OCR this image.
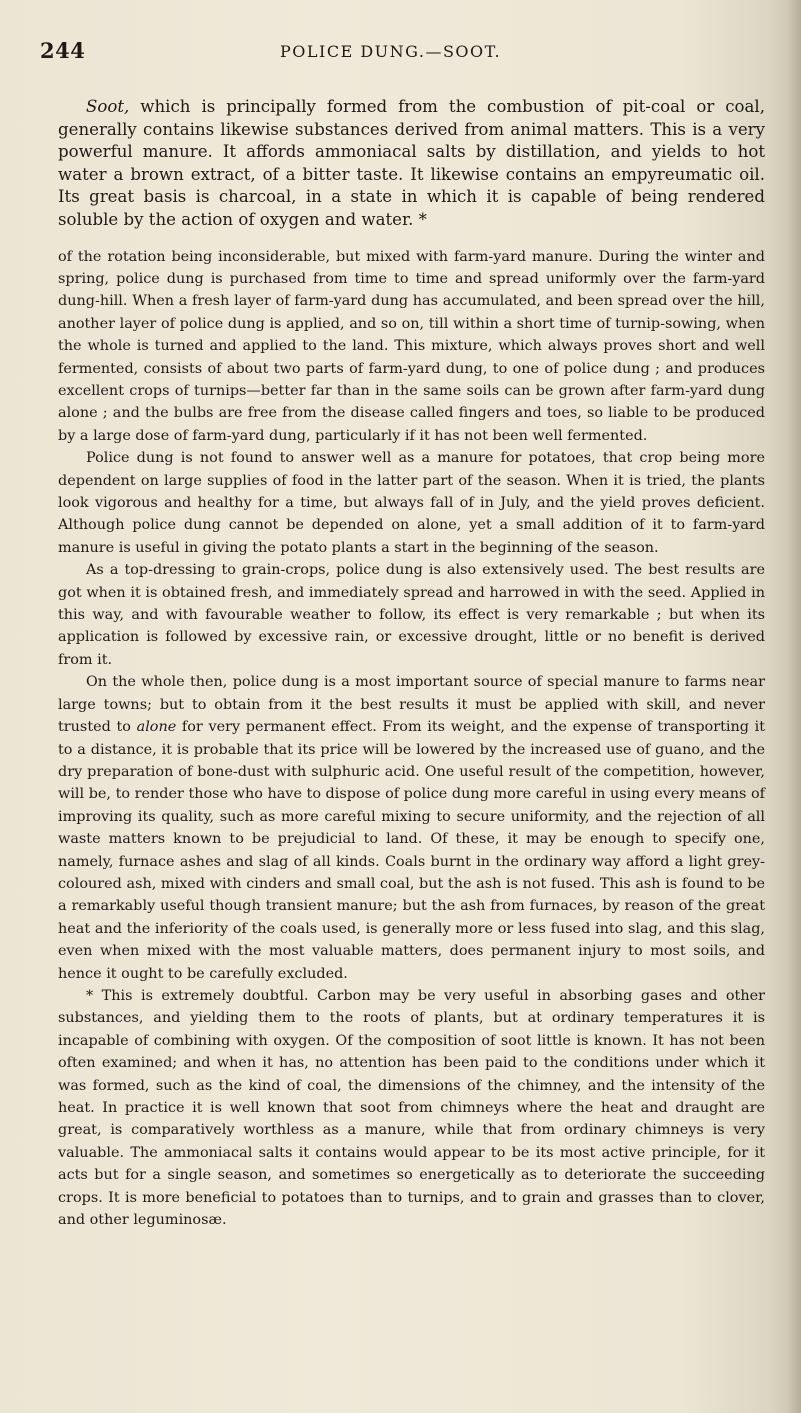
244	POLICE DUNG.—SOOT.

Soot, which is principally formed from the combustion of pit-coal or coal, generally contains likewise substances derived from animal matters. This is a very powerful manure. It affords ammoniacal salts by distillation, and yields to hot water a brown extract, of a bitter taste. It likewise contains an empyreumatic oil. Its great basis is charcoal, in a state in which it is capable of being rendered soluble by the action of oxygen and water. *

of the rotation being inconsiderable, but mixed with farm-yard manure. During the winter and spring, police dung is purchased from time to time and spread uniformly over the farm-yard dung-hill. When a fresh layer of farm-yard dung has accumulated, and been spread over the hill, another layer of police dung is applied, and so on, till within a short time of turnip-sowing, when the whole is turned and applied to the land. This mixture, which always proves short and well fermented, consists of about two parts of farm-yard dung, to one of police dung ; and produces excellent crops of turnips—better far than in the same soils can be grown after farm-yard dung alone ; and the bulbs are free from the disease called fingers and toes, so liable to be produced by a large dose of farm-yard dung, particularly if it has not been well fermented.

Police dung is not found to answer well as a manure for potatoes, that crop being more dependent on large supplies of food in the latter part of the season. When it is tried, the plants look vigorous and healthy for a time, but always fall of in July, and the yield proves deficient. Although police dung cannot be depended on alone, yet a small addition of it to farm-yard manure is useful in giving the potato plants a start in the beginning of the season.

As a top-dressing to grain-crops, police dung is also extensively used. The best results are got when it is obtained fresh, and immediately spread and harrowed in with the seed. Applied in this way, and with favourable weather to follow, its effect is very remarkable ; but when its application is followed by excessive rain, or excessive drought, little or no benefit is derived from it.

On the whole then, police dung is a most important source of special manure to farms near large towns; but to obtain from it the best results it must be applied with skill, and never trusted to alone for very permanent effect. From its weight, and the expense of transporting it to a distance, it is probable that its price will be lowered by the increased use of guano, and the dry preparation of bone-dust with sulphuric acid. One useful result of the competition, however, will be, to render those who have to dispose of police dung more careful in using every means of improving its quality, such as more careful mixing to secure uniformity, and the rejection of all waste matters known to be prejudicial to land. Of these, it may be enough to specify one, namely, furnace ashes and slag of all kinds. Coals burnt in the ordinary way afford a light grey-coloured ash, mixed with cinders and small coal, but the ash is not fused. This ash is found to be a remarkably useful though transient manure; but the ash from furnaces, by reason of the great heat and the inferiority of the coals used, is generally more or less fused into slag, and this slag, even when mixed with the most valuable matters, does permanent injury to most soils, and hence it ought to be carefully excluded.

* This is extremely doubtful. Carbon may be very useful in absorbing gases and other substances, and yielding them to the roots of plants, but at ordinary temperatures it is incapable of combining with oxygen. Of the composition of soot little is known. It has not been often examined; and when it has, no attention has been paid to the conditions under which it was formed, such as the kind of coal, the dimensions of the chimney, and the intensity of the heat. In practice it is well known that soot from chimneys where the heat and draught are great, is comparatively worthless as a manure, while that from ordinary chimneys is very valuable. The ammoniacal salts it contains would appear to be its most active principle, for it acts but for a single season, and sometimes so energetically as to deteriorate the succeeding crops. It is more beneficial to potatoes than to turnips, and to grain and grasses than to clover, and other leguminosæ.
